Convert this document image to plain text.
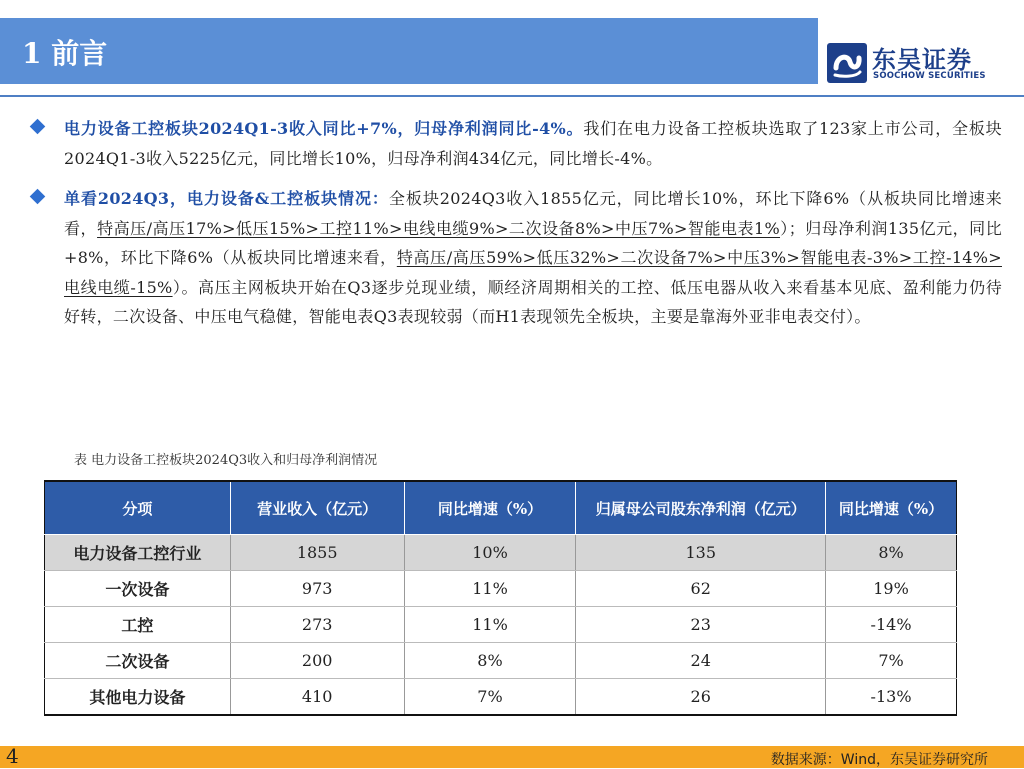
1 前言	东吴证券
SOOCHOW SECURITIES
电力设备工控板块2024Q1-3收入同比+7%，归母净利润同比-4%。我们在电力设备工控板块选取了123家上市公司，全板块2024Q1-3收入5225亿元，同比增长10%，归母净利润434亿元，同比增长-4%。
单看2024Q3，电力设备&工控板块情况：全板块2024Q3收入1855亿元，同比增长10%，环比下降6%（从板块同比增速来看，特高压/高压17%>低压15%>工控11%>电线电缆9%>二次设备8%>中压7%>智能电表1%）；归母净利润135亿元，同比+8%，环比下降6%（从板块同比增速来看，特高压/高压59%>低压32%>二次设备7%>中压3%>智能电表-3%>工控-14%>电线电缆-15%）。高压主网板块开始在Q3逐步兑现业绩，顺经济周期相关的工控、低压电器从收入来看基本见底、盈利能力仍待好转，二次设备、中压电气稳健，智能电表Q3表现较弱（而H1表现领先全板块，主要是靠海外亚非电表交付）。
表 电力设备工控板块2024Q3收入和归母净利润情况
分项	营业收入（亿元）	同比增速（%）	归属母公司股东净利润（亿元）	同比增速（%）
电力设备工控行业	1855	10%	135	8%
一次设备	973	11%	62	19%
工控	273	11%	23	-14%
二次设备	200	8%	24	7%
其他电力设备	410	7%	26	-13%
4	数据来源：Wind，东吴证券研究所
